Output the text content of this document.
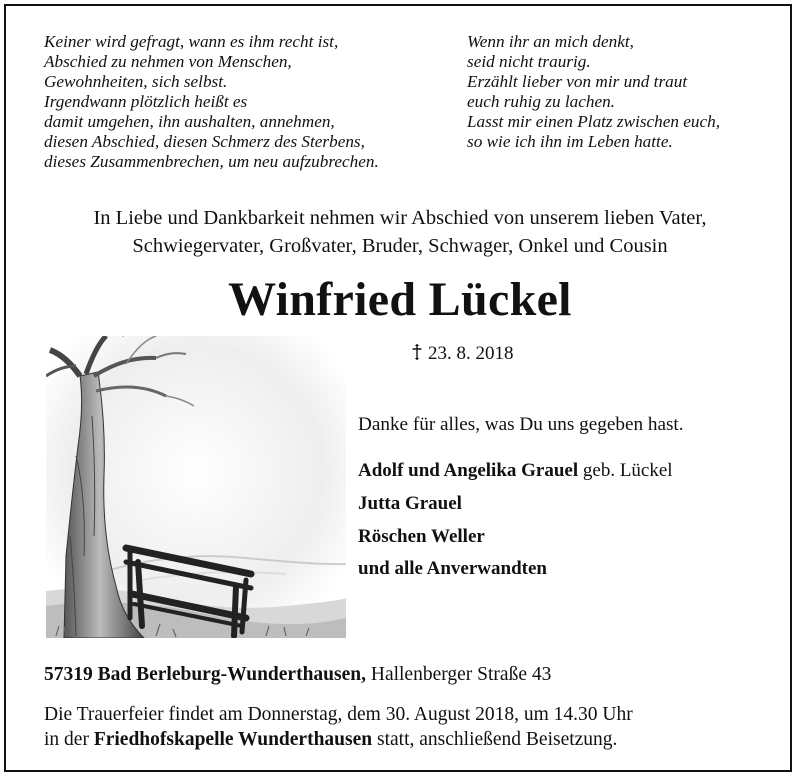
Keiner wird gefragt, wann es ihm recht ist,
Abschied zu nehmen von Menschen,
Gewohnheiten, sich selbst.
Irgendwann plötzlich heißt es
damit umgehen, ihn aushalten, annehmen,
diesen Abschied, diesen Schmerz des Sterbens,
dieses Zusammenbrechen, um neu aufzubrechen.
Wenn ihr an mich denkt,
seid nicht traurig.
Erzählt lieber von mir und traut
euch ruhig zu lachen.
Lasst mir einen Platz zwischen euch,
so wie ich ihn im Leben hatte.
In Liebe und Dankbarkeit nehmen wir Abschied von unserem lieben Vater,
Schwiegervater, Großvater, Bruder, Schwager, Onkel und Cousin
Winfried Lückel
23. 8. 2018
Danke für alles, was Du uns gegeben hast.
Adolf und Angelika Grauel geb. Lückel
Jutta Grauel
Röschen Weller
und alle Anverwandten
57319 Bad Berleburg-Wunderthausen, Hallenberger Straße 43
Die Trauerfeier findet am Donnerstag, dem 30. August 2018, um 14.30 Uhr
in der Friedhofskapelle Wunderthausen statt, anschließend Beisetzung.
